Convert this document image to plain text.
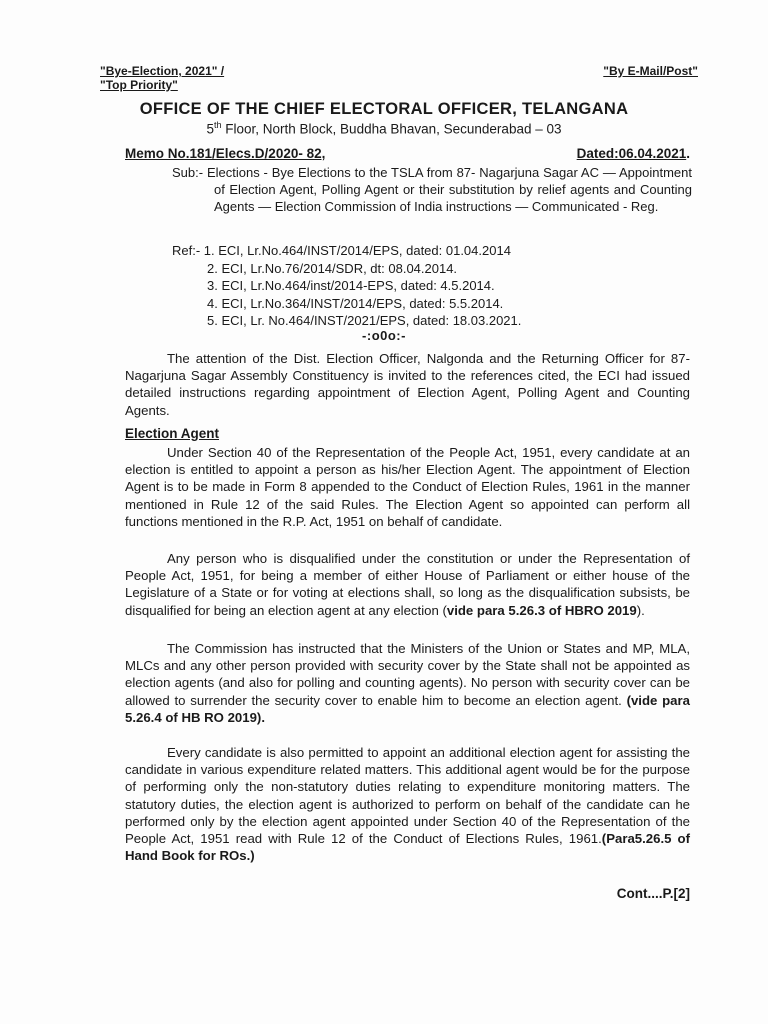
"Bye-Election, 2021" /
"Top Priority"
"By E-Mail/Post"
OFFICE OF THE CHIEF ELECTORAL OFFICER, TELANGANA
5th Floor, North Block, Buddha Bhavan, Secunderabad – 03
Memo No.181/Elecs.D/2020- 82,	Dated:06.04.2021.
Sub:- Elections - Bye Elections to the TSLA from 87- Nagarjuna Sagar AC — Appointment of Election Agent, Polling Agent or their substitution by relief agents and Counting Agents — Election Commission of India instructions — Communicated - Reg.
Ref:- 1. ECI, Lr.No.464/INST/2014/EPS, dated: 01.04.2014
2. ECI, Lr.No.76/2014/SDR, dt: 08.04.2014.
3. ECI, Lr.No.464/inst/2014-EPS, dated: 4.5.2014.
4. ECI, Lr.No.364/INST/2014/EPS, dated: 5.5.2014.
5. ECI, Lr. No.464/INST/2021/EPS, dated: 18.03.2021.
-:o0o:-
The attention of the Dist. Election Officer, Nalgonda and the Returning Officer for 87- Nagarjuna Sagar Assembly Constituency is invited to the references cited, the ECI had issued detailed instructions regarding appointment of Election Agent, Polling Agent and Counting Agents.
Election Agent
Under Section 40 of the Representation of the People Act, 1951, every candidate at an election is entitled to appoint a person as his/her Election Agent. The appointment of Election Agent is to be made in Form 8 appended to the Conduct of Election Rules, 1961 in the manner mentioned in Rule 12 of the said Rules. The Election Agent so appointed can perform all functions mentioned in the R.P. Act, 1951 on behalf of candidate.
Any person who is disqualified under the constitution or under the Representation of People Act, 1951, for being a member of either House of Parliament or either house of the Legislature of a State or for voting at elections shall, so long as the disqualification subsists, be disqualified for being an election agent at any election (vide para 5.26.3 of HBRO 2019).
The Commission has instructed that the Ministers of the Union or States and MP, MLA, MLCs and any other person provided with security cover by the State shall not be appointed as election agents (and also for polling and counting agents). No person with security cover can be allowed to surrender the security cover to enable him to become an election agent. (vide para 5.26.4 of HB RO 2019).
Every candidate is also permitted to appoint an additional election agent for assisting the candidate in various expenditure related matters. This additional agent would be for the purpose of performing only the non-statutory duties relating to expenditure monitoring matters. The statutory duties, the election agent is authorized to perform on behalf of the candidate can he performed only by the election agent appointed under Section 40 of the Representation of the People Act, 1951 read with Rule 12 of the Conduct of Elections Rules, 1961.(Para5.26.5 of Hand Book for ROs.)
Cont....P.[2]
